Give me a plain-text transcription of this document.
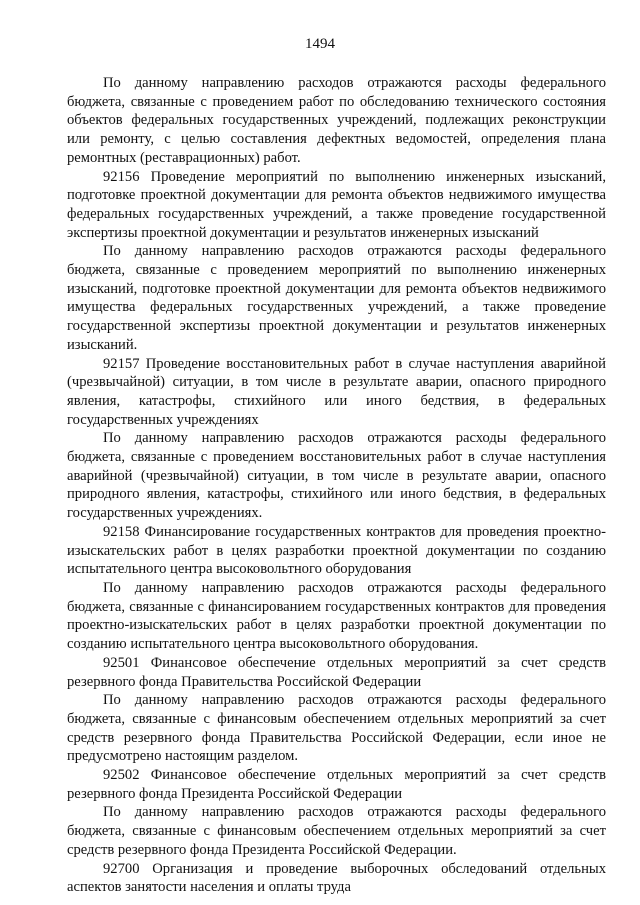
1494

По данному направлению расходов отражаются расходы федерального бюджета, связанные с проведением работ по обследованию технического состояния объектов федеральных государственных учреждений, подлежащих реконструкции или ремонту, с целью составления дефектных ведомостей, определения плана ремонтных (реставрационных) работ.

92156 Проведение мероприятий по выполнению инженерных изысканий, подготовке проектной документации для ремонта объектов недвижимого имущества федеральных государственных учреждений, а также проведение государственной экспертизы проектной документации и результатов инженерных изысканий

По данному направлению расходов отражаются расходы федерального бюджета, связанные с проведением мероприятий по выполнению инженерных изысканий, подготовке проектной документации для ремонта объектов недвижимого имущества федеральных государственных учреждений, а также проведение государственной экспертизы проектной документации и результатов инженерных изысканий.

92157 Проведение восстановительных работ в случае наступления аварийной (чрезвычайной) ситуации, в том числе в результате аварии, опасного природного явления, катастрофы, стихийного или иного бедствия, в федеральных государственных учреждениях

По данному направлению расходов отражаются расходы федерального бюджета, связанные с проведением восстановительных работ в случае наступления аварийной (чрезвычайной) ситуации, в том числе в результате аварии, опасного природного явления, катастрофы, стихийного или иного бедствия, в федеральных государственных учреждениях.

92158 Финансирование государственных контрактов для проведения проектно-изыскательских работ в целях разработки проектной документации по созданию испытательного центра высоковольтного оборудования

По данному направлению расходов отражаются расходы федерального бюджета, связанные с финансированием государственных контрактов для проведения проектно-изыскательских работ в целях разработки проектной документации по созданию испытательного центра высоковольтного оборудования.

92501 Финансовое обеспечение отдельных мероприятий за счет средств резервного фонда Правительства Российской Федерации

По данному направлению расходов отражаются расходы федерального бюджета, связанные с финансовым обеспечением отдельных мероприятий за счет средств резервного фонда Правительства Российской Федерации, если иное не предусмотрено настоящим разделом.

92502 Финансовое обеспечение отдельных мероприятий за счет средств резервного фонда Президента Российской Федерации

По данному направлению расходов отражаются расходы федерального бюджета, связанные с финансовым обеспечением отдельных мероприятий за счет средств резервного фонда Президента Российской Федерации.

92700 Организация и проведение выборочных обследований отдельных аспектов занятости населения и оплаты труда
